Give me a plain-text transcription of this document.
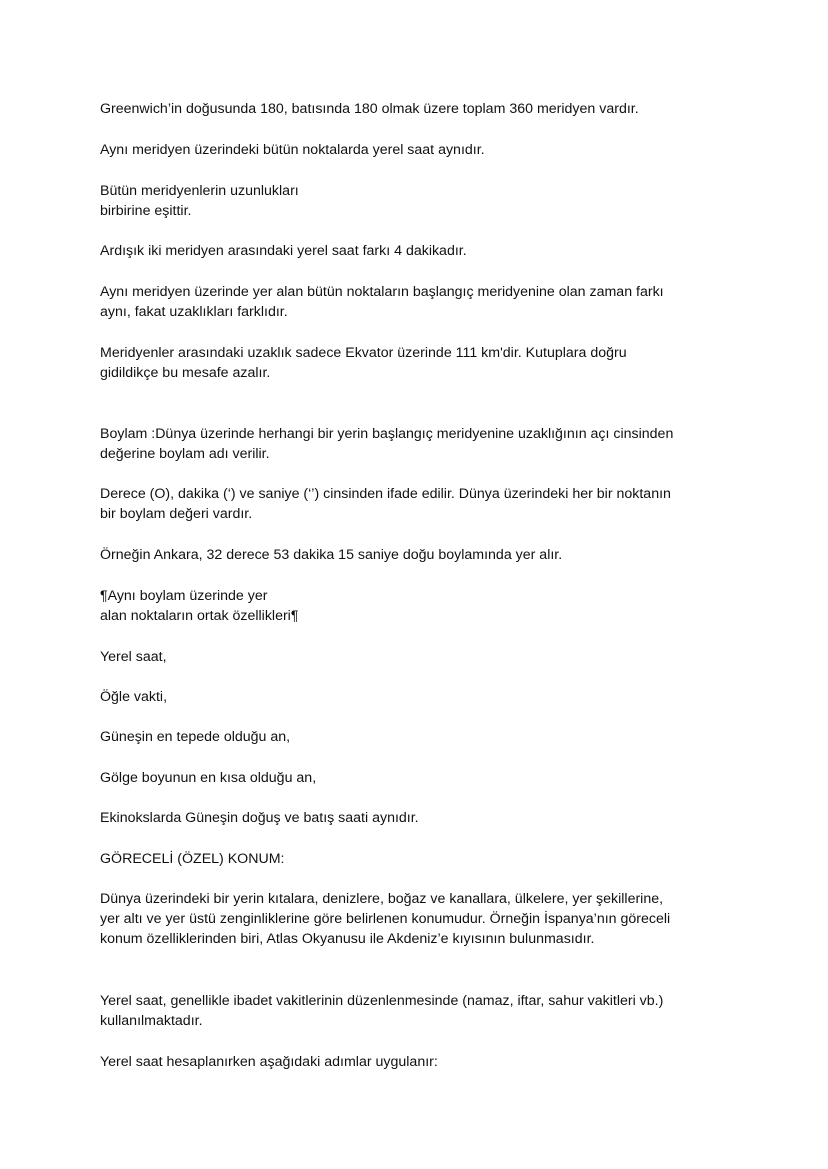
Greenwich’in doğusunda 180, batısında 180 olmak üzere toplam 360 meridyen vardır.

Aynı meridyen üzerindeki bütün noktalarda yerel saat aynıdır.

Bütün meridyenlerin uzunlukları
birbirine eşittir.

Ardışık iki meridyen arasındaki yerel saat farkı 4 dakikadır.

Aynı meridyen üzerinde yer alan bütün noktaların başlangıç meridyenine olan zaman farkı
aynı, fakat uzaklıkları farklıdır.

Meridyenler arasındaki uzaklık sadece Ekvator üzerinde 111 km'dir. Kutuplara doğru
gidildikçe bu mesafe azalır.

Boylam :Dünya üzerinde herhangi bir yerin başlangıç meridyenine uzaklığının açı cinsinden
değerine boylam adı verilir.

Derece (O), dakika (‘) ve saniye (‘’) cinsinden ifade edilir. Dünya üzerindeki her bir noktanın
bir boylam değeri vardır.

Örneğin Ankara, 32 derece 53 dakika 15 saniye doğu boylamında yer alır.

¶Aynı boylam üzerinde yer
alan noktaların ortak özellikleri¶

Yerel saat,

Öğle vakti,

Güneşin en tepede olduğu an,

Gölge boyunun en kısa olduğu an,

Ekinokslarda Güneşin doğuş ve batış saati aynıdır.

GÖRECELİ (ÖZEL) KONUM:

Dünya üzerindeki bir yerin kıtalara, denizlere, boğaz ve kanallara, ülkelere, yer şekillerine,
yer altı ve yer üstü zenginliklerine göre belirlenen konumudur. Örneğin İspanya’nın göreceli
konum özelliklerinden biri, Atlas Okyanusu ile Akdeniz’e kıyısının bulunmasıdır.

Yerel saat, genellikle ibadet vakitlerinin düzenlenmesinde (namaz, iftar, sahur vakitleri vb.)
kullanılmaktadır.

Yerel saat hesaplanırken aşağıdaki adımlar uygulanır:
